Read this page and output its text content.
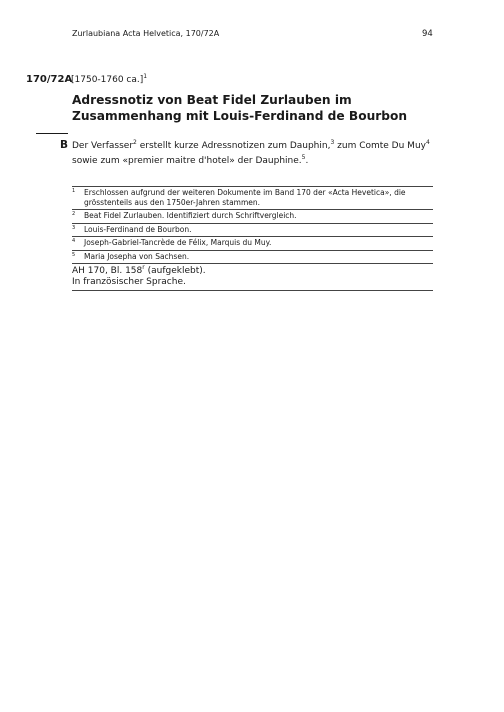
Zurlaubiana Acta Helvetica, 170/72A	94
170/72A
[1750-1760 ca.]$^1$
Adressnotiz von Beat Fidel Zurlauben im Zusammenhang mit Louis-Ferdinand de Bourbon
B Der Verfasser$^2$ erstellt kurze Adressnotizen zum Dauphin,$^3$ zum Comte Du Muy$^4$ sowie zum «premier maitre d'hotel» der Dauphine.$^5$.
1	Erschlossen aufgrund der weiteren Dokumente im Band 170 der «Acta Hevetica», die grösstenteils aus den 1750er-Jahren stammen.
2	Beat Fidel Zurlauben. Identifiziert durch Schriftvergleich.
3	Louis-Ferdinand de Bourbon.
4	Joseph-Gabriel-Tancrède de Félix, Marquis du Muy.
5	Maria Josepha von Sachsen.
AH 170, Bl. 158$^r$ (aufgeklebt).
In französischer Sprache.
